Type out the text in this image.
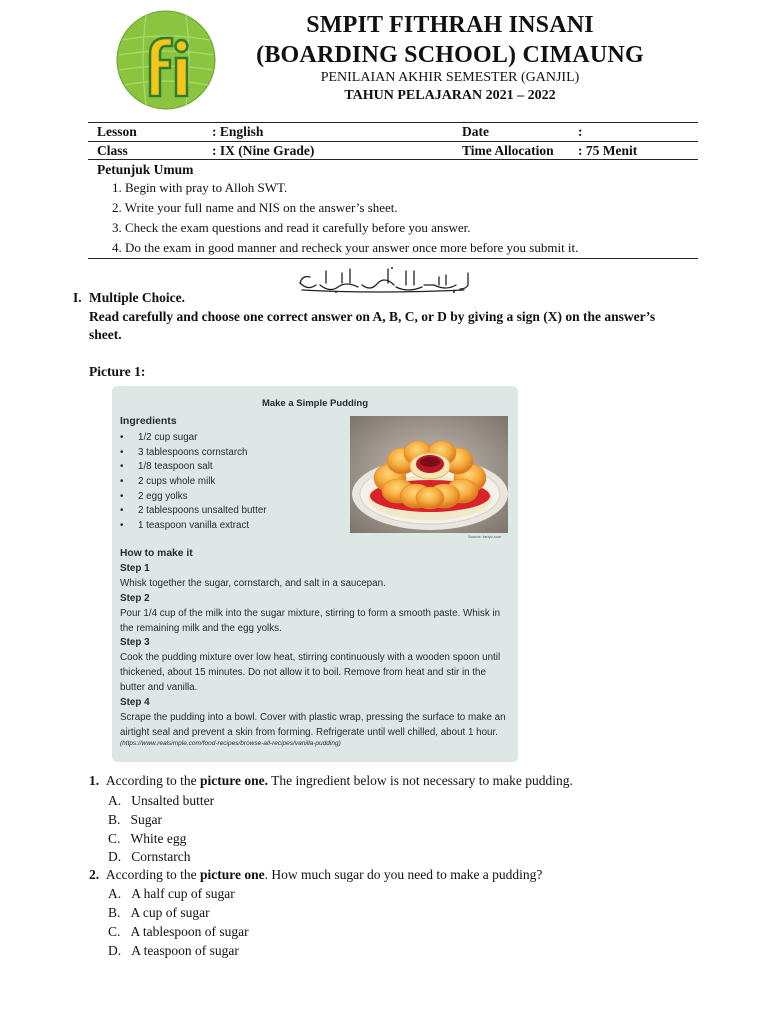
SMPIT FITHRAH INSANI
(BOARDING SCHOOL) CIMAUNG
PENILAIAN AKHIR SEMESTER (GANJIL)
TAHUN PELAJARAN 2021 – 2022
Lesson	: English	Date	:
Class	: IX (Nine Grade)	Time Allocation : 75 Menit
Petunjuk Umum
1. Begin with pray to Alloh SWT.
2. Write your full name and NIS on the answer’s sheet.
3. Check the exam questions and read it carefully before you answer.
4. Do the exam in good manner and recheck your answer once more before you submit it.
I. Multiple Choice.
Read carefully and choose one correct answer on A, B, C, or D by giving a sign (X) on the answer’s
sheet.
Picture 1:
Make a Simple Pudding
Ingredients
• 1/2 cup sugar
• 3 tablespoons cornstarch
• 1/8 teaspoon salt
• 2 cups whole milk
• 2 egg yolks
• 2 tablespoons unsalted butter
• 1 teaspoon vanilla extract
Source: fariyo.com
How to make it
Step 1
Whisk together the sugar, cornstarch, and salt in a saucepan.
Step 2
Pour 1/4 cup of the milk into the sugar mixture, stirring to form a smooth paste. Whisk in the remaining milk and the egg yolks.
Step 3
Cook the pudding mixture over low heat, stirring continuously with a wooden spoon until thickened, about 15 minutes. Do not allow it to boil. Remove from heat and stir in the butter and vanilla.
Step 4
Scrape the pudding into a bowl. Cover with plastic wrap, pressing the surface to make an airtight seal and prevent a skin from forming. Refrigerate until well chilled, about 1 hour.
(https://www.realsimple.com/food-recipes/browse-all-recipes/vanilla-pudding)
1. According to the picture one. The ingredient below is not necessary to make pudding.
A. Unsalted butter
B. Sugar
C. White egg
D. Cornstarch
2. According to the picture one. How much sugar do you need to make a pudding?
A. A half cup of sugar
B. A cup of sugar
C. A tablespoon of sugar
D. A teaspoon of sugar
